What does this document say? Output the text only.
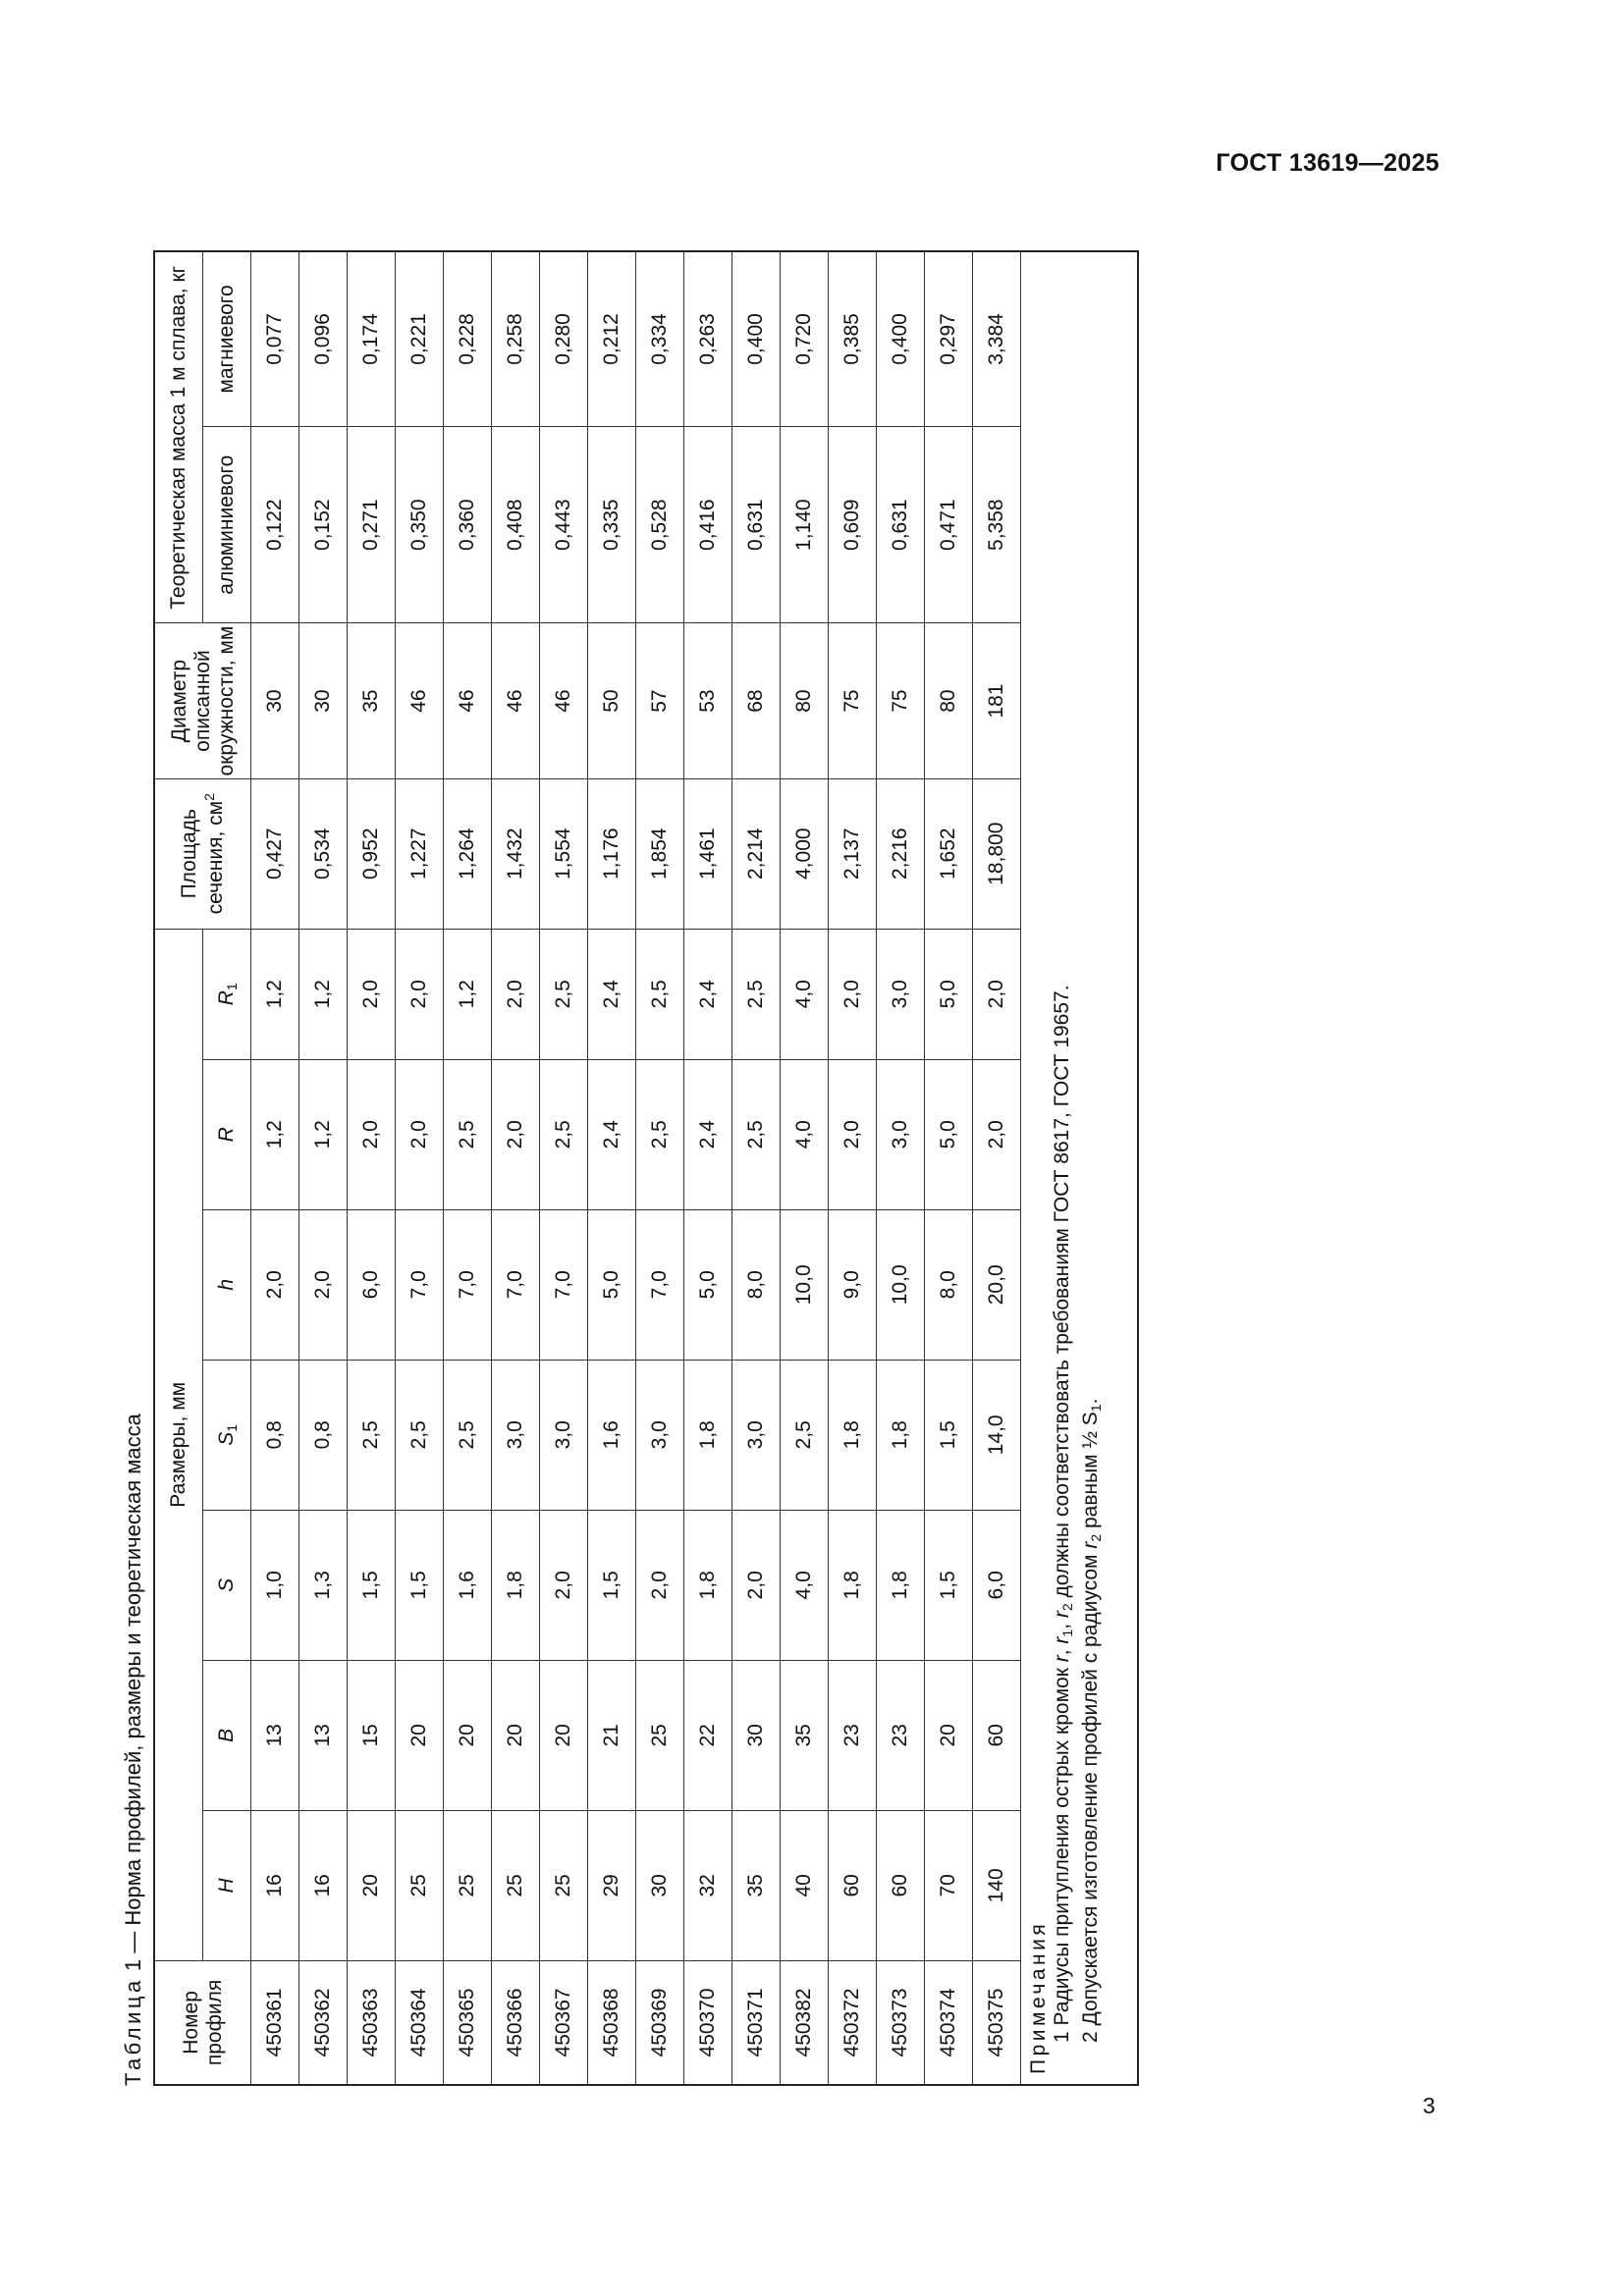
ГОСТ 13619—2025
3
Таблица 1 — Норма профилей, размеры и теоретическая масса
Номер профиля	Размеры, мм							Площадь сечения, $см^2$	Диаметр описанной окружности, мм	Теоретическая масса 1 м сплава, кг	
	H	B	S	$S_1$	h	R	$R_1$			алюминиевого	магниевого
450361	16	13	1,0	0,8	2,0	1,2	1,2	0,427	30	0,122	0,077
450362	16	13	1,3	0,8	2,0	1,2	1,2	0,534	30	0,152	0,096
450363	20	15	1,5	2,5	6,0	2,0	2,0	0,952	35	0,271	0,174
450364	25	20	1,5	2,5	7,0	2,0	2,0	1,227	46	0,350	0,221
450365	25	20	1,6	2,5	7,0	2,5	1,2	1,264	46	0,360	0,228
450366	25	20	1,8	3,0	7,0	2,0	2,0	1,432	46	0,408	0,258
450367	25	20	2,0	3,0	7,0	2,5	2,5	1,554	46	0,443	0,280
450368	29	21	1,5	1,6	5,0	2,4	2,4	1,176	50	0,335	0,212
450369	30	25	2,0	3,0	7,0	2,5	2,5	1,854	57	0,528	0,334
450370	32	22	1,8	1,8	5,0	2,4	2,4	1,461	53	0,416	0,263
450371	35	30	2,0	3,0	8,0	2,5	2,5	2,214	68	0,631	0,400
450382	40	35	4,0	2,5	10,0	4,0	4,0	4,000	80	1,140	0,720
450372	60	23	1,8	1,8	9,0	2,0	2,0	2,137	75	0,609	0,385
450373	60	23	1,8	1,8	10,0	3,0	3,0	2,216	75	0,631	0,400
450374	70	20	1,5	1,5	8,0	5,0	5,0	1,652	80	0,471	0,297
450375	140	60	6,0	14,0	20,0	2,0	2,0	18,800	181	5,358	3,384

Примечания 1 Радиусы притупления острых кромок r, $r_1$, $r_2$ должны соответствовать требованиям ГОСТ 8617, ГОСТ 19657.
2 Допускается изготовление профилей с радиусом $r_2$ равным ½ $S_1$.											
